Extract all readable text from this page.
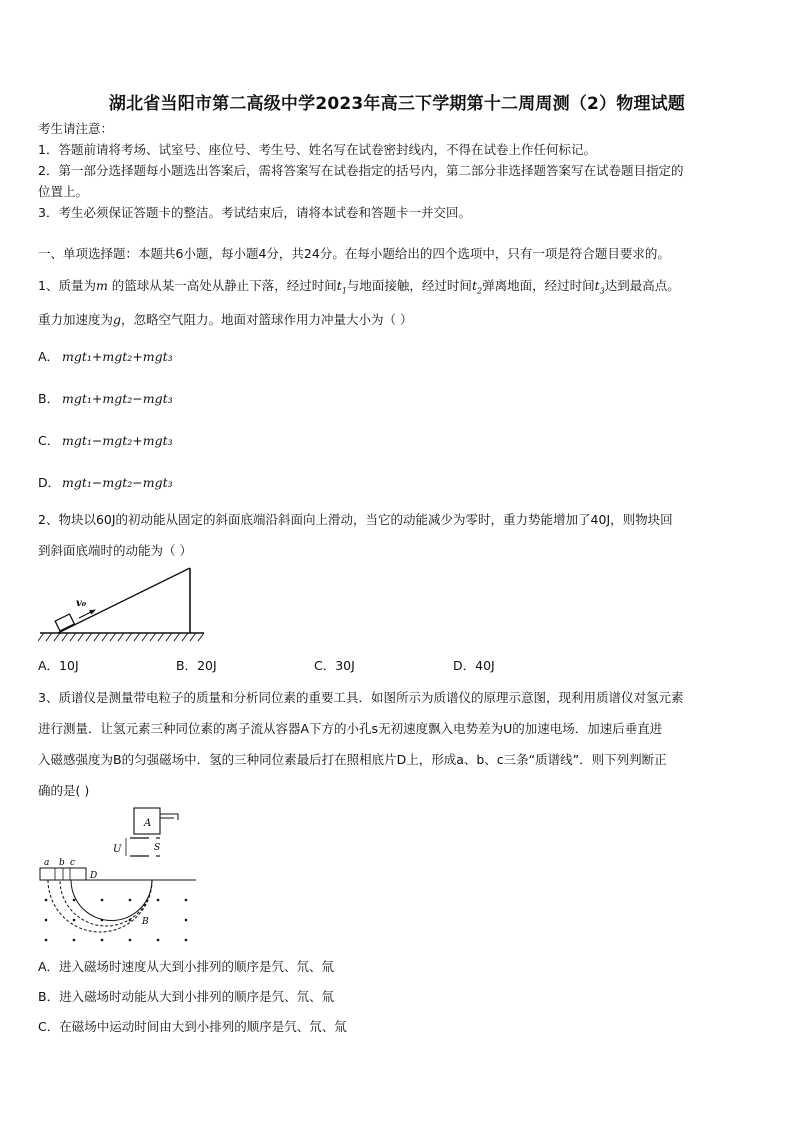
湖北省当阳市第二高级中学2023年高三下学期第十二周周测（2）物理试题
考生请注意：
1．答题前请将考场、试室号、座位号、考生号、姓名写在试卷密封线内，不得在试卷上作任何标记。
2．第一部分选择题每小题选出答案后，需将答案写在试卷指定的括号内，第二部分非选择题答案写在试卷题目指定的
位置上。
3．考生必须保证答题卡的整洁。考试结束后，请将本试卷和答题卡一并交回。
一、单项选择题：本题共6小题，每小题4分，共24分。在每小题给出的四个选项中，只有一项是符合题目要求的。
1、质量为m 的篮球从某一高处从静止下落，经过时间$t_1$与地面接触，经过时间$t_2$弹离地面，经过时间$t_3$达到最高点。
重力加速度为g，忽略空气阻力。地面对篮球作用力冲量大小为（ ）
A． mgt₁+mgt₂+mgt₃
B． mgt₁+mgt₂−mgt₃
C． mgt₁−mgt₂+mgt₃
D． mgt₁−mgt₂−mgt₃
2、物块以60J的初动能从固定的斜面底端沿斜面向上滑动，当它的动能减少为零时，重力势能增加了40J，则物块回
到斜面底端时的动能为（ ）
v₀
A．10J	B．20J	C．30J	D．40J
3、质谱仪是测量带电粒子的质量和分析同位素的重要工具．如图所示为质谱仪的原理示意图，现利用质谱仪对氢元素
进行测量．让氢元素三种同位素的离子流从容器A下方的小孔s无初速度飘入电势差为U的加速电场．加速后垂直进
入磁感强度为B的匀强磁场中．氢的三种同位素最后打在照相底片D上，形成a、b、c三条“质谱线”．则下列判断正
确的是( )
A
U	S
a b c
D
B
A．进入磁场时速度从大到小排列的顺序是氕、氘、氚
B．进入磁场时动能从大到小排列的顺序是氕、氘、氚
C．在磁场中运动时间由大到小排列的顺序是氕、氘、氚
